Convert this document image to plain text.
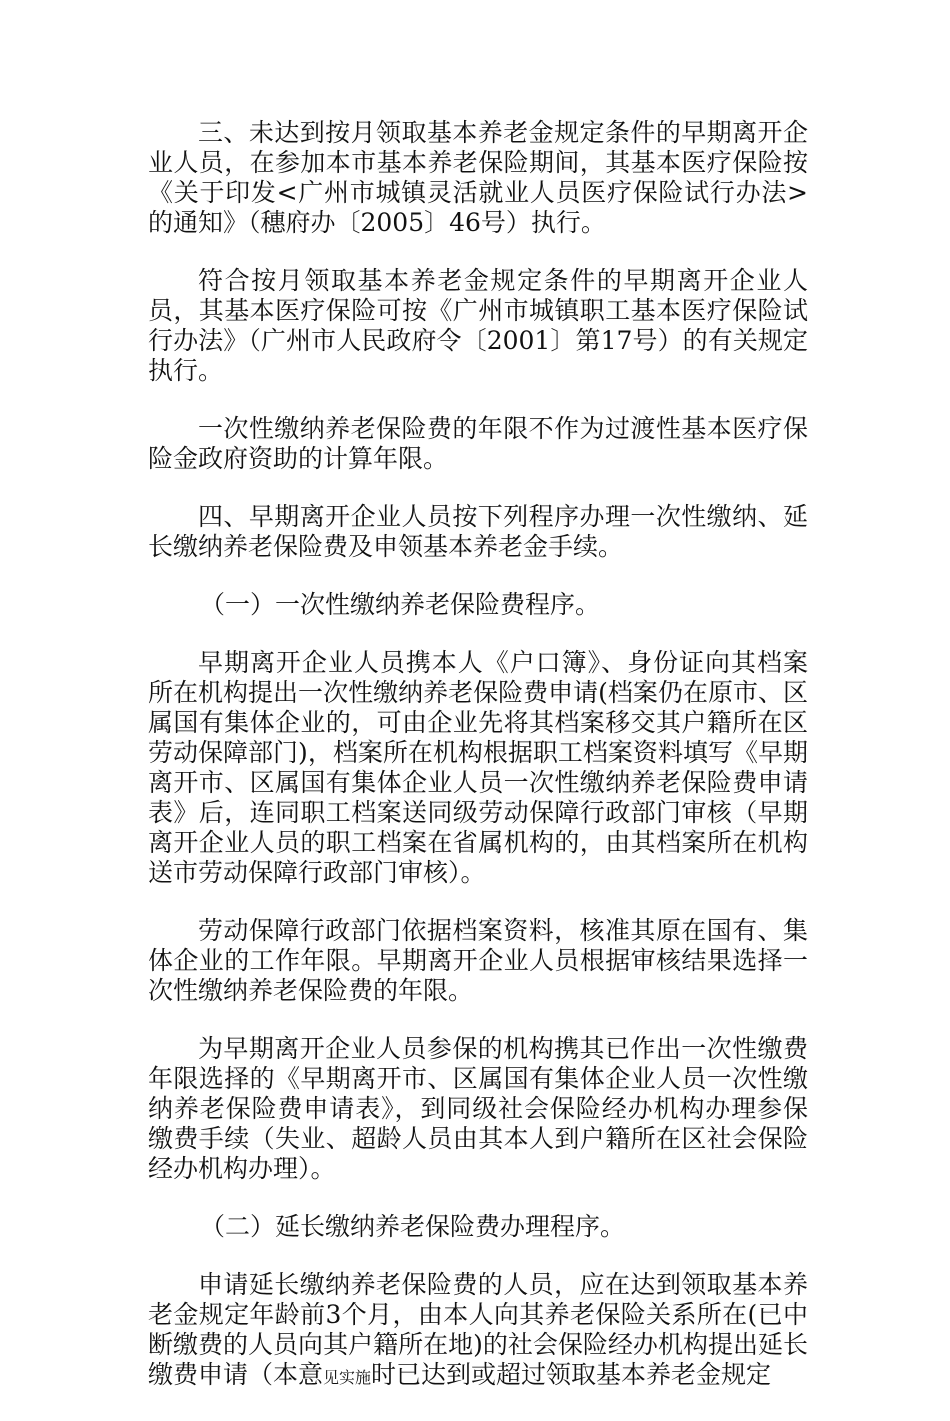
三、未达到按月领取基本养老金规定条件的早期离开企业人员，在参加本市基本养老保险期间，其基本医疗保险按《关于印发<广州市城镇灵活就业人员医疗保险试行办法>的通知》（穗府办〔2005〕46号）执行。

符合按月领取基本养老金规定条件的早期离开企业人员，其基本医疗保险可按《广州市城镇职工基本医疗保险试行办法》（广州市人民政府令〔2001〕第17号）的有关规定执行。

一次性缴纳养老保险费的年限不作为过渡性基本医疗保险金政府资助的计算年限。

四、早期离开企业人员按下列程序办理一次性缴纳、延长缴纳养老保险费及申领基本养老金手续。

（一）一次性缴纳养老保险费程序。

早期离开企业人员携本人《户口簿》、身份证向其档案所在机构提出一次性缴纳养老保险费申请(档案仍在原市、区属国有集体企业的，可由企业先将其档案移交其户籍所在区劳动保障部门)，档案所在机构根据职工档案资料填写《早期离开市、区属国有集体企业人员一次性缴纳养老保险费申请表》后，连同职工档案送同级劳动保障行政部门审核（早期离开企业人员的职工档案在省属机构的，由其档案所在机构送市劳动保障行政部门审核）。

劳动保障行政部门依据档案资料，核准其原在国有、集体企业的工作年限。早期离开企业人员根据审核结果选择一次性缴纳养老保险费的年限。

为早期离开企业人员参保的机构携其已作出一次性缴费年限选择的《早期离开市、区属国有集体企业人员一次性缴纳养老保险费申请表》，到同级社会保险经办机构办理参保缴费手续（失业、超龄人员由其本人到户籍所在区社会保险经办机构办理）。

（二）延长缴纳养老保险费办理程序。

申请延长缴纳养老保险费的人员，应在达到领取基本养老金规定年龄前3个月，由本人向其养老保险关系所在(已中断缴费的人员向其户籍所在地)的社会保险经办机构提出延长缴费申请（本意见实施时已达到或超过领取基本养老金规定
